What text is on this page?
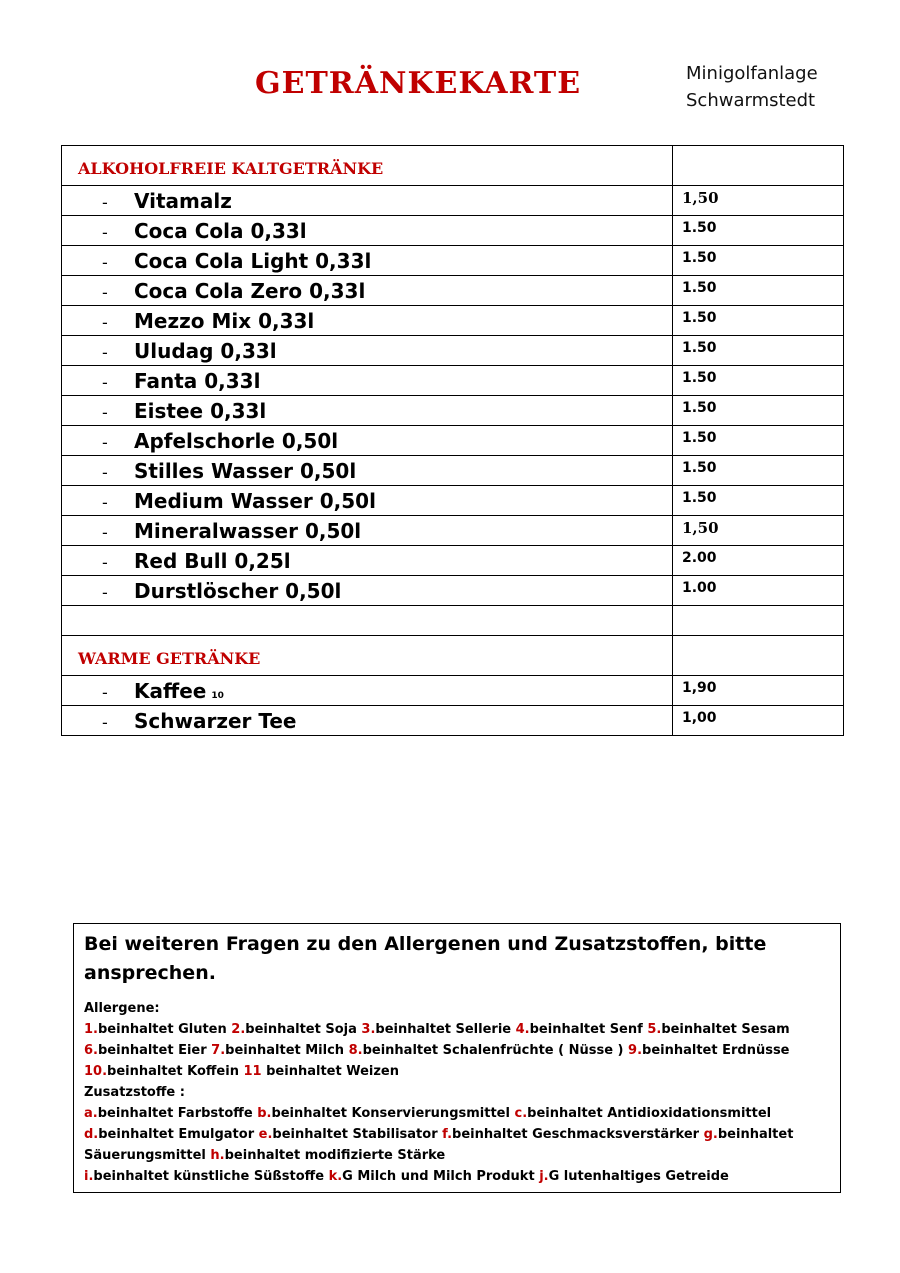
GETRÄNKEKARTE	Minigolfanlage
Schwarmstedt
ALKOHOLFREIE KALTGETRÄNKE	

- Vitamalz	1,50

- Coca Cola 0,33l	1.50

- Coca Cola Light 0,33l	1.50

- Coca Cola Zero 0,33l	1.50

- Mezzo Mix 0,33l	1.50

- Uludag 0,33l	1.50

- Fanta 0,33l	1.50

- Eistee 0,33l	1.50

- Apfelschorle 0,50l	1.50

- Stilles Wasser 0,50l	1.50

- Medium Wasser 0,50l	1.50

- Mineralwasser 0,50l	1,50

- Red Bull 0,25l	2.00

- Durstlöscher 0,50l	1.00

WARME GETRÄNKE	

- Kaffee 10	1,90

- Schwarzer Tee	1,00
Bei weiteren Fragen zu den Allergenen und Zusatzstoffen, bitte ansprechen.
Allergene:
1.beinhaltet Gluten 2.beinhaltet Soja 3.beinhaltet Sellerie 4.beinhaltet Senf 5.beinhaltet Sesam
6.beinhaltet Eier 7.beinhaltet Milch 8.beinhaltet Schalenfrüchte ( Nüsse ) 9.beinhaltet Erdnüsse
10.beinhaltet Koffein 11 beinhaltet Weizen
Zusatzstoffe :
a.beinhaltet Farbstoffe b.beinhaltet Konservierungsmittel c.beinhaltet Antidioxidationsmittel
d.beinhaltet Emulgator e.beinhaltet Stabilisator f.beinhaltet Geschmacksverstärker g.beinhaltet Säuerungsmittel h.beinhaltet modifizierte Stärke
i.beinhaltet künstliche Süßstoffe k.G Milch und Milch Produkt j.G lutenhaltiges Getreide
